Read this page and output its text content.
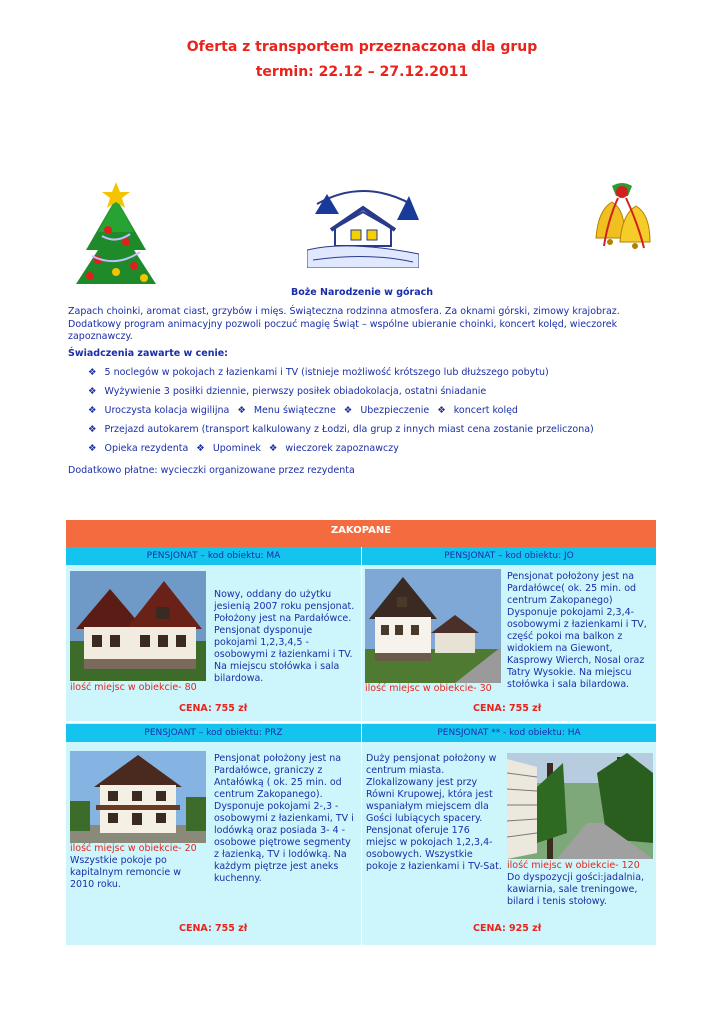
Oferta z transportem przeznaczona dla grup
termin: 22.12 – 27.12.2011
Boże Narodzenie w górach
Zapach choinki, aromat ciast, grzybów i mięs. Świąteczna rodzinna atmosfera. Za oknami górski, zimowy krajobraz. Dodatkowy program animacyjny pozwoli poczuć magię Świąt – wspólne ubieranie choinki, koncert kolęd, wieczorek zapoznawczy.
Świadczenia zawarte w cenie:
❖ 5 noclegów w pokojach z łazienkami i TV (istnieje możliwość krótszego lub dłuższego pobytu)
❖ Wyżywienie 3 posiłki dziennie, pierwszy posiłek obiadokolacja, ostatni śniadanie
❖ Uroczysta kolacja wigilijna ❖ Menu świąteczne ❖ Ubezpieczenie ❖ koncert kolęd
❖ Przejazd autokarem (transport kalkulowany z Łodzi, dla grup z innych miast cena zostanie przeliczona)
❖ Opieka rezydenta ❖ Upominek ❖ wieczorek zapoznawczy
Dodatkowo płatne: wycieczki organizowane przez rezydenta
ZAKOPANE
PENSJONAT – kod obiektu: MA	PENSJONAT – kod obiektu: JO
ilość miejsc w obiekcie- 80
Nowy, oddany do użytku jesienią 2007 roku pensjonat. Położony jest na Pardałówce. Pensjonat dysponuje pokojami 1,2,3,4,5 - osobowymi z łazienkami i TV. Na miejscu stołówka i sala bilardowa.
CENA: 755 zł
ilość miejsc w obiekcie- 30
Pensjonat położony jest na Pardałówce( ok. 25 min. od centrum Zakopanego) Dysponuje pokojami 2,3,4-osobowymi z łazienkami i TV, część pokoi ma balkon z widokiem na Giewont, Kasprowy Wierch, Nosal oraz Tatry Wysokie. Na miejscu stołówka i sala bilardowa.
CENA: 755 zł
PENSJOANT – kod obiektu: PRZ	PENSJONAT ** - kod obiektu: HA
ilość miejsc w obiekcie- 20
Wszystkie pokoje po kapitalnym remoncie w 2010 roku.
Pensjonat położony jest na Pardałówce, graniczy z Antałówką ( ok. 25 min. od centrum Zakopanego). Dysponuje pokojami 2-,3 -osobowymi z łazienkami, TV i lodówką oraz posiada 3- 4 -osobowe piętrowe segmenty z łazienką, TV i lodówką. Na każdym piętrze jest aneks kuchenny.
CENA: 755 zł
Duży pensjonat położony w centrum miasta. Zlokalizowany jest przy Równi Krupowej, która jest wspaniałym miejscem dla Gości lubiących spacery. Pensjonat oferuje 176 miejsc w pokojach 1,2,3,4-osobowych. Wszystkie pokoje z łazienkami i TV-Sat. ilość miejsc w obiekcie- 120
Do dyspozycji gości:jadalnia, kawiarnia, sale treningowe, bilard i tenis stołowy.
CENA: 925 zł
